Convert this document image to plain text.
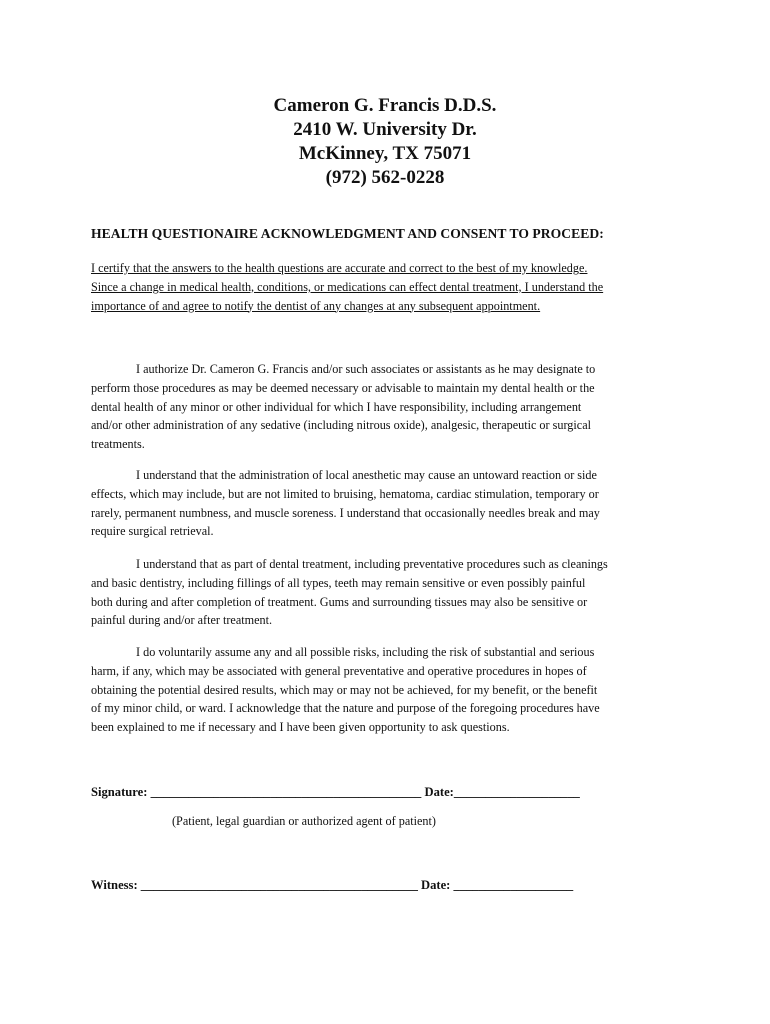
Cameron G. Francis D.D.S.
2410 W. University Dr.
McKinney, TX 75071
(972) 562-0228
HEALTH QUESTIONAIRE ACKNOWLEDGMENT AND CONSENT TO PROCEED:
I certify that the answers to the health questions are accurate and correct to the best of my knowledge.
Since a change in medical health, conditions, or medications can effect dental treatment, I understand the
importance of and agree to notify the dentist of any changes at any subsequent appointment.
I authorize Dr. Cameron G. Francis and/or such associates or assistants as he may designate to
perform those procedures as may be deemed necessary or advisable to maintain my dental health or the
dental health of any minor or other individual for which I have responsibility, including arrangement
and/or other administration of any sedative (including nitrous oxide), analgesic, therapeutic or surgical
treatments.
I understand that the administration of local anesthetic may cause an untoward reaction or side
effects, which may include, but are not limited to bruising, hematoma, cardiac stimulation, temporary or
rarely, permanent numbness, and muscle soreness. I understand that occasionally needles break and may
require surgical retrieval.
I understand that as part of dental treatment, including preventative procedures such as cleanings
and basic dentistry, including fillings of all types, teeth may remain sensitive or even possibly painful
both during and after completion of treatment. Gums and surrounding tissues may also be sensitive or
painful during and/or after treatment.
I do voluntarily assume any and all possible risks, including the risk of substantial and serious
harm, if any, which may be associated with general preventative and operative procedures in hopes of
obtaining the potential desired results, which may or may not be achieved, for my benefit, or the benefit
of my minor child, or ward. I acknowledge that the nature and purpose of the foregoing procedures have
been explained to me if necessary and I have been given opportunity to ask questions.
Signature: ___________________________________________ Date:____________________
(Patient, legal guardian or authorized agent of patient)
Witness: ____________________________________________ Date: ___________________
